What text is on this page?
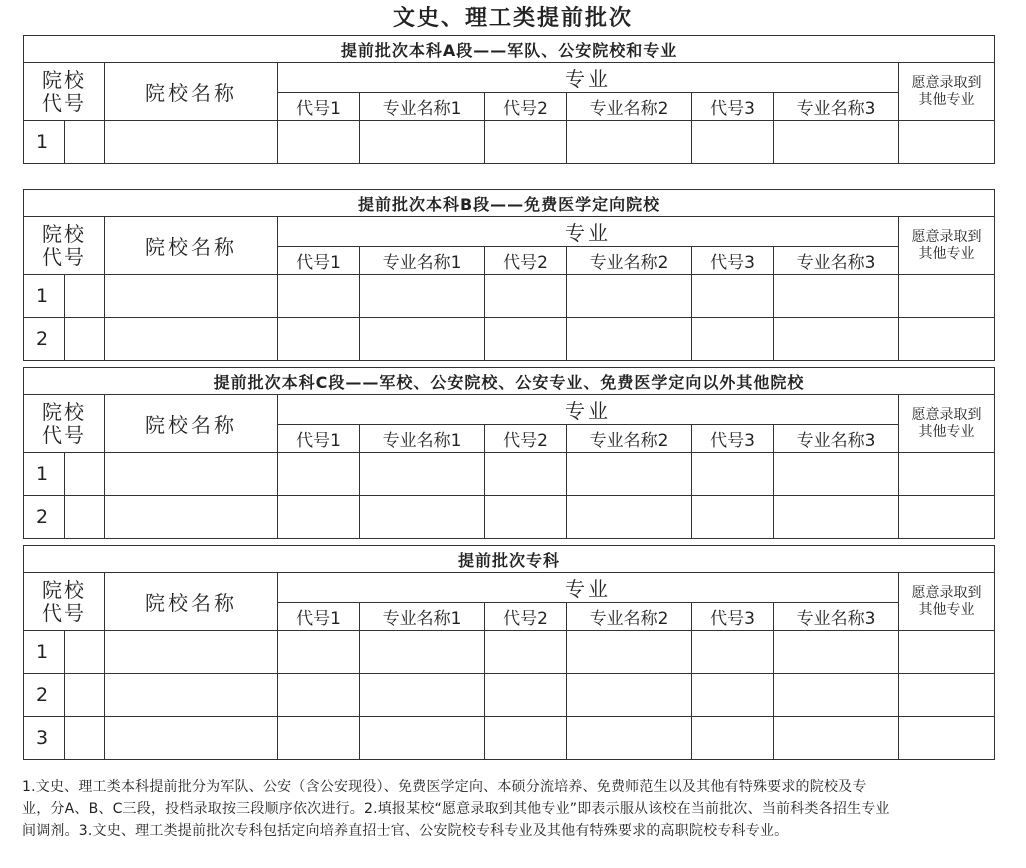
文史、理工类提前批次
提前批次本科A段——军队、公安院校和专业									
院校
代号		院校名称	专业						愿意录取到
其他专业
			代号1	专业名称1	代号2	专业名称2	代号3	专业名称3	
1									
提前批次本科B段——免费医学定向院校									
院校
代号		院校名称	专业						愿意录取到
其他专业
			代号1	专业名称1	代号2	专业名称2	代号3	专业名称3	
1									
2									
提前批次本科C段——军校、公安院校、公安专业、免费医学定向以外其他院校									
院校
代号		院校名称	专业						愿意录取到
其他专业
			代号1	专业名称1	代号2	专业名称2	代号3	专业名称3	
1									
2									
提前批次专科									
院校
代号		院校名称	专业						愿意录取到
其他专业
			代号1	专业名称1	代号2	专业名称2	代号3	专业名称3	
1									
2									
3									
1.文史、理工类本科提前批分为军队、公安（含公安现役）、免费医学定向、本硕分流培养、免费师范生以及其他有特殊要求的院校及专
业，分A、B、C三段，投档录取按三段顺序依次进行。2.填报某校“愿意录取到其他专业”即表示服从该校在当前批次、当前科类各招生专业
间调剂。3.文史、理工类提前批次专科包括定向培养直招士官、公安院校专科专业及其他有特殊要求的高职院校专科专业。
